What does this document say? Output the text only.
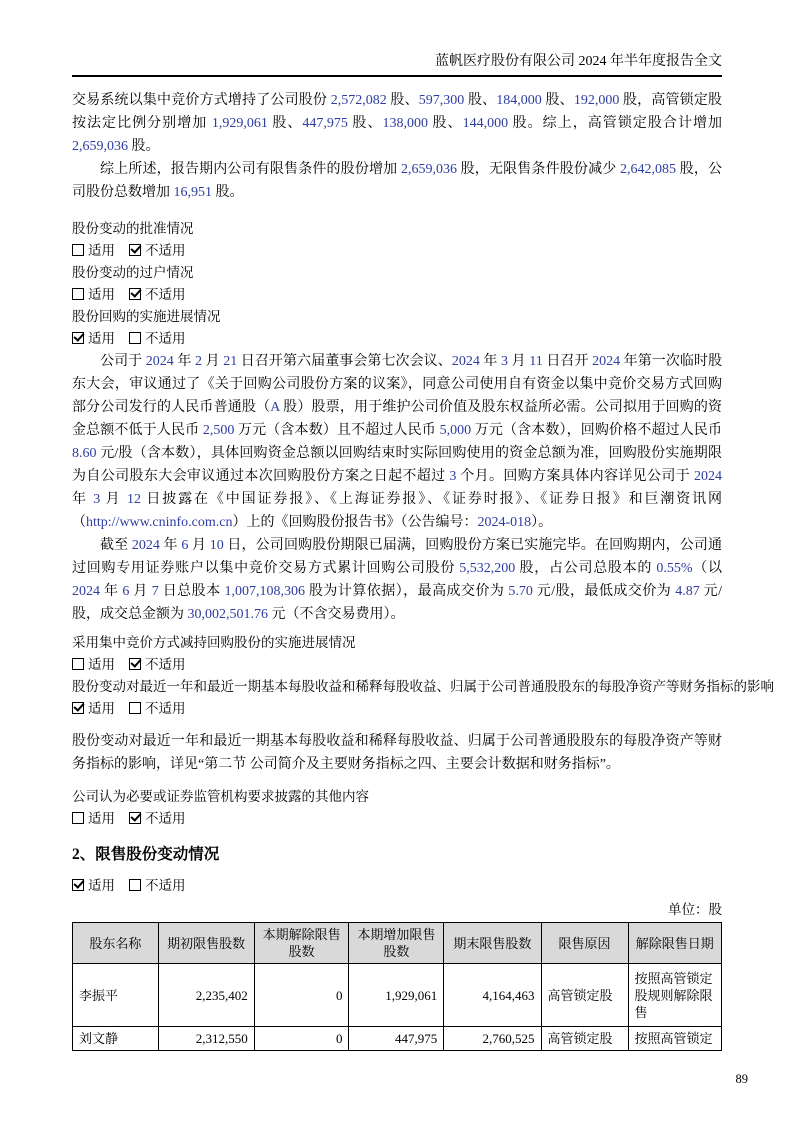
蓝帆医疗股份有限公司 2024 年半年度报告全文

交易系统以集中竞价方式增持了公司股份 2,572,082 股、597,300 股、184,000 股、192,000 股，高管锁定股按法定比例分别增加 1,929,061 股、447,975 股、138,000 股、144,000 股。综上，高管锁定股合计增加 2,659,036 股。

综上所述，报告期内公司有限售条件的股份增加 2,659,036 股，无限售条件股份减少 2,642,085 股，公司股份总数增加 16,951 股。

股份变动的批准情况
适用 不适用
股份变动的过户情况
适用 不适用
股份回购的实施进展情况
适用 不适用

公司于 2024 年 2 月 21 日召开第六届董事会第七次会议、2024 年 3 月 11 日召开 2024 年第一次临时股东大会，审议通过了《关于回购公司股份方案的议案》，同意公司使用自有资金以集中竞价交易方式回购部分公司发行的人民币普通股（A 股）股票，用于维护公司价值及股东权益所必需。公司拟用于回购的资金总额不低于人民币 2,500 万元（含本数）且不超过人民币 5,000 万元（含本数），回购价格不超过人民币 8.60 元/股（含本数），具体回购资金总额以回购结束时实际回购使用的资金总额为准，回购股份实施期限为自公司股东大会审议通过本次回购股份方案之日起不超过 3 个月。回购方案具体内容详见公司于 2024 年 3 月 12 日披露在《中国证券报》、《上海证券报》、《证券时报》、《证券日报》和巨潮资讯网（http://www.cninfo.com.cn）上的《回购股份报告书》（公告编号：2024-018）。

截至 2024 年 6 月 10 日，公司回购股份期限已届满，回购股份方案已实施完毕。在回购期内，公司通过回购专用证券账户以集中竞价交易方式累计回购公司股份 5,532,200 股，占公司总股本的 0.55%（以 2024 年 6 月 7 日总股本 1,007,108,306 股为计算依据），最高成交价为 5.70 元/股，最低成交价为 4.87 元/股，成交总金额为 30,002,501.76 元（不含交易费用）。

采用集中竞价方式减持回购股份的实施进展情况
适用 不适用
股份变动对最近一年和最近一期基本每股收益和稀释每股收益、归属于公司普通股股东的每股净资产等财务指标的影响
适用 不适用

股份变动对最近一年和最近一期基本每股收益和稀释每股收益、归属于公司普通股股东的每股净资产等财务指标的影响，详见“第二节 公司简介及主要财务指标之四、主要会计数据和财务指标”。

公司认为必要或证券监管机构要求披露的其他内容
适用 不适用
2、限售股份变动情况
适用 不适用
单位：股
股东名称	期初限售股数	本期解除限售股数	本期增加限售股数	期末限售股数	限售原因	解除限售日期
李振平	2,235,402	0	1,929,061	4,164,463	高管锁定股	按照高管锁定股规则解除限售
刘文静	2,312,550	0	447,975	2,760,525	高管锁定股	按照高管锁定
89
